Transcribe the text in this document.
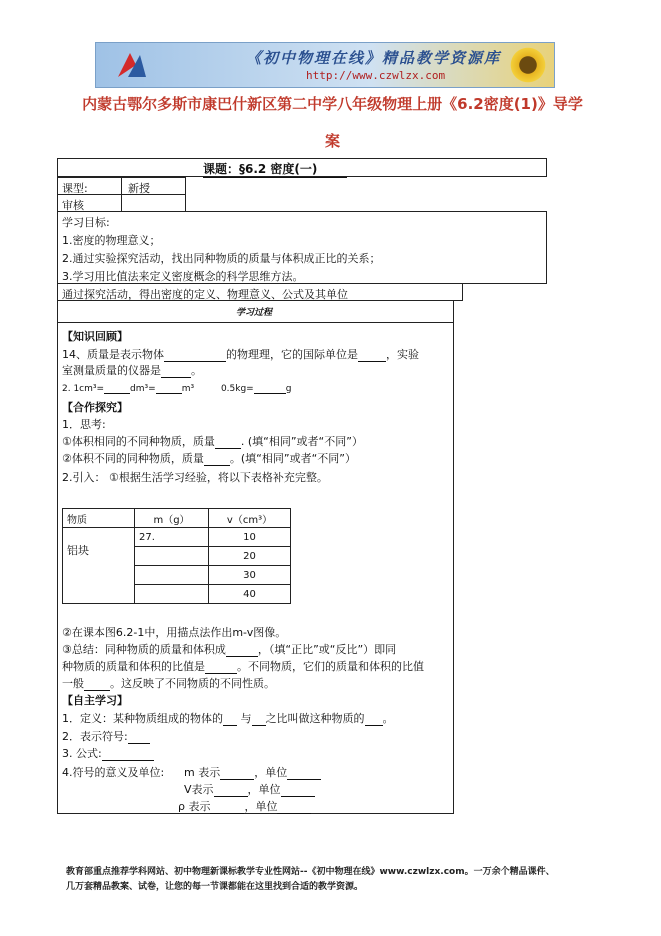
《初中物理在线》精品教学资源库
http://www.czwlzx.com
内蒙古鄂尔多斯市康巴什新区第二中学八年级物理上册《6.2密度(1)》导学
案
课题：§6.2 密度(一)
课型:	新授
审核
学习目标:
1.密度的物理意义；
2.通过实验探究活动，找出同种物质的质量与体积成正比的关系；
3.学习用比值法来定义密度概念的科学思维方法。
通过探究活动，得出密度的定义、物理意义、公式及其单位
学习过程
【知识回顾】
14、质量是表示物体	的物理理，它的国际单位是	，实验
室测量质量的仪器是	。
2. 1cm³=	dm³=	m³	0.5kg=	g
【合作探究】
1．思考:
①体积相同的不同种物质，质量 . (填“相同”或者“不同”）
②体积不同的同种物质，质量 。(填“相同”或者“不同”）
2.引入： ①根据生活学习经验，将以下表格补充完整。
物质	m（g）	v（cm³）
铝块	27.	10
		20
		30
		40
②在课本图6.2-1中，用描点法作出m-v图像。
③总结：同种物质的质量和体积成	，（填“正比”或“反比”）即同
种物质的质量和体积的比值是	。不同物质，它们的质量和体积的比值
一般 。这反映了不同物质的不同性质。
【自主学习】
1．定义：某种物质组成的物体的 与 之比叫做这种物质的 。
2．表示符号:
3. 公式:
4.符号的意义及单位: m 表示	，单位
V表示	，单位
ρ 表示	，单位
教育部重点推荐学科网站、初中物理新课标教学专业性网站--《初中物理在线》www.czwlzx.com。一万余个精品课件、
几万套精品教案、试卷，让您的每一节课都能在这里找到合适的教学资源。
